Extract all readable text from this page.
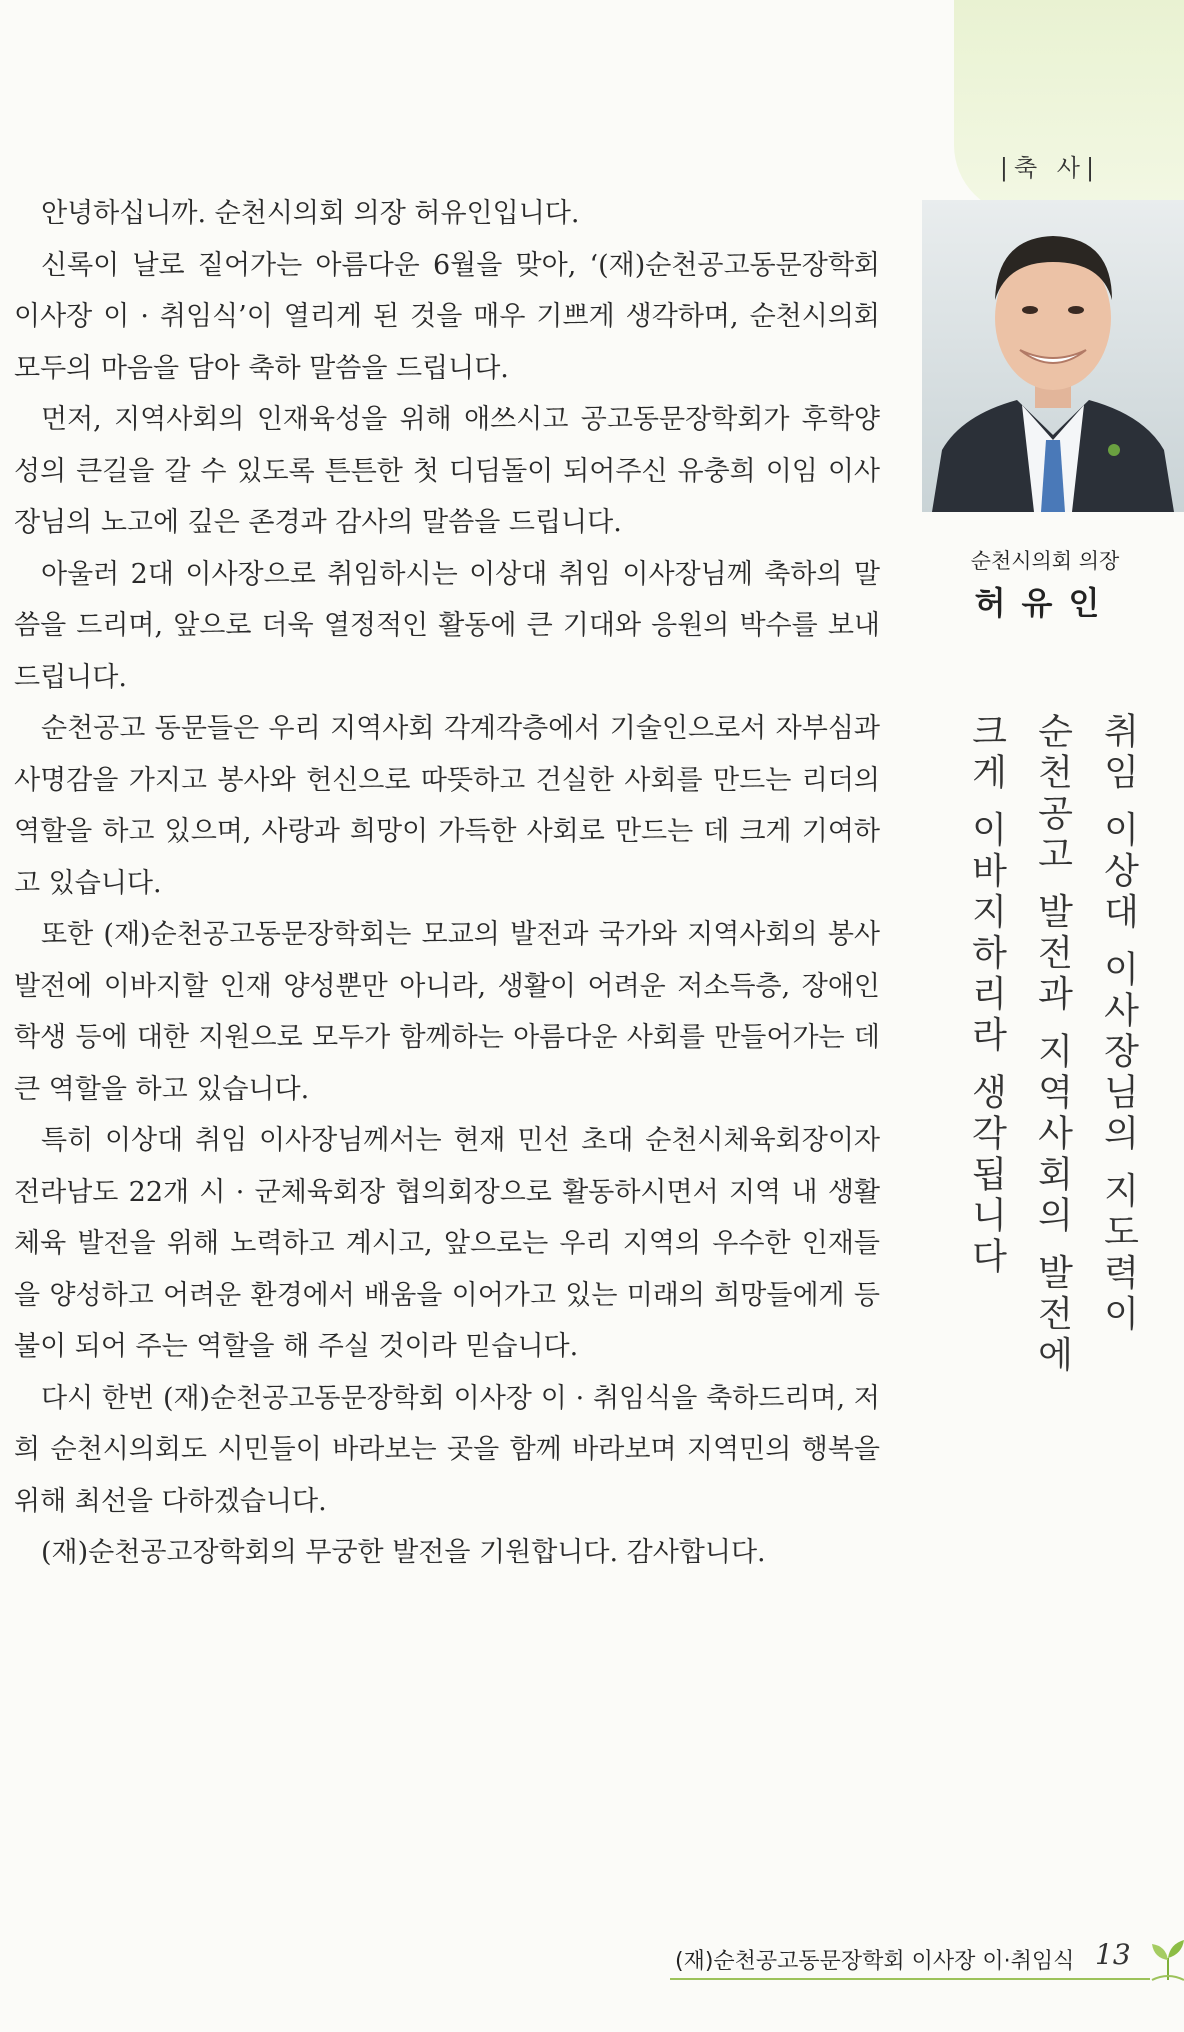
|축 사|
순천시의회 의장
허유인
취임 이상대 이사장님의 지도력이
순천공고 발전과 지역사회의 발전에
크게 이바지하리라 생각됩니다

안녕하십니까. 순천시의회 의장 허유인입니다.

신록이 날로 짙어가는 아름다운 6월을 맞아, ‘(재)순천공고동문장학회 이사장 이 · 취임식’이 열리게 된 것을 매우 기쁘게 생각하며, 순천시의회 모두의 마음을 담아 축하 말씀을 드립니다.

먼저, 지역사회의 인재육성을 위해 애쓰시고 공고동문장학회가 후학양성의 큰길을 갈 수 있도록 튼튼한 첫 디딤돌이 되어주신 유충희 이임 이사장님의 노고에 깊은 존경과 감사의 말씀을 드립니다.

아울러 2대 이사장으로 취임하시는 이상대 취임 이사장님께 축하의 말씀을 드리며, 앞으로 더욱 열정적인 활동에 큰 기대와 응원의 박수를 보내드립니다.

순천공고 동문들은 우리 지역사회 각계각층에서 기술인으로서 자부심과 사명감을 가지고 봉사와 헌신으로 따뜻하고 건실한 사회를 만드는 리더의 역할을 하고 있으며, 사랑과 희망이 가득한 사회로 만드는 데 크게 기여하고 있습니다.

또한 (재)순천공고동문장학회는 모교의 발전과 국가와 지역사회의 봉사발전에 이바지할 인재 양성뿐만 아니라, 생활이 어려운 저소득층, 장애인 학생 등에 대한 지원으로 모두가 함께하는 아름다운 사회를 만들어가는 데 큰 역할을 하고 있습니다.

특히 이상대 취임 이사장님께서는 현재 민선 초대 순천시체육회장이자 전라남도 22개 시 · 군체육회장 협의회장으로 활동하시면서 지역 내 생활체육 발전을 위해 노력하고 계시고, 앞으로는 우리 지역의 우수한 인재들을 양성하고 어려운 환경에서 배움을 이어가고 있는 미래의 희망들에게 등불이 되어 주는 역할을 해 주실 것이라 믿습니다.

다시 한번 (재)순천공고동문장학회 이사장 이 · 취임식을 축하드리며, 저희 순천시의회도 시민들이 바라보는 곳을 함께 바라보며 지역민의 행복을 위해 최선을 다하겠습니다.

(재)순천공고장학회의 무궁한 발전을 기원합니다. 감사합니다.

(재)순천공고동문장학회 이사장 이·취임식 13
